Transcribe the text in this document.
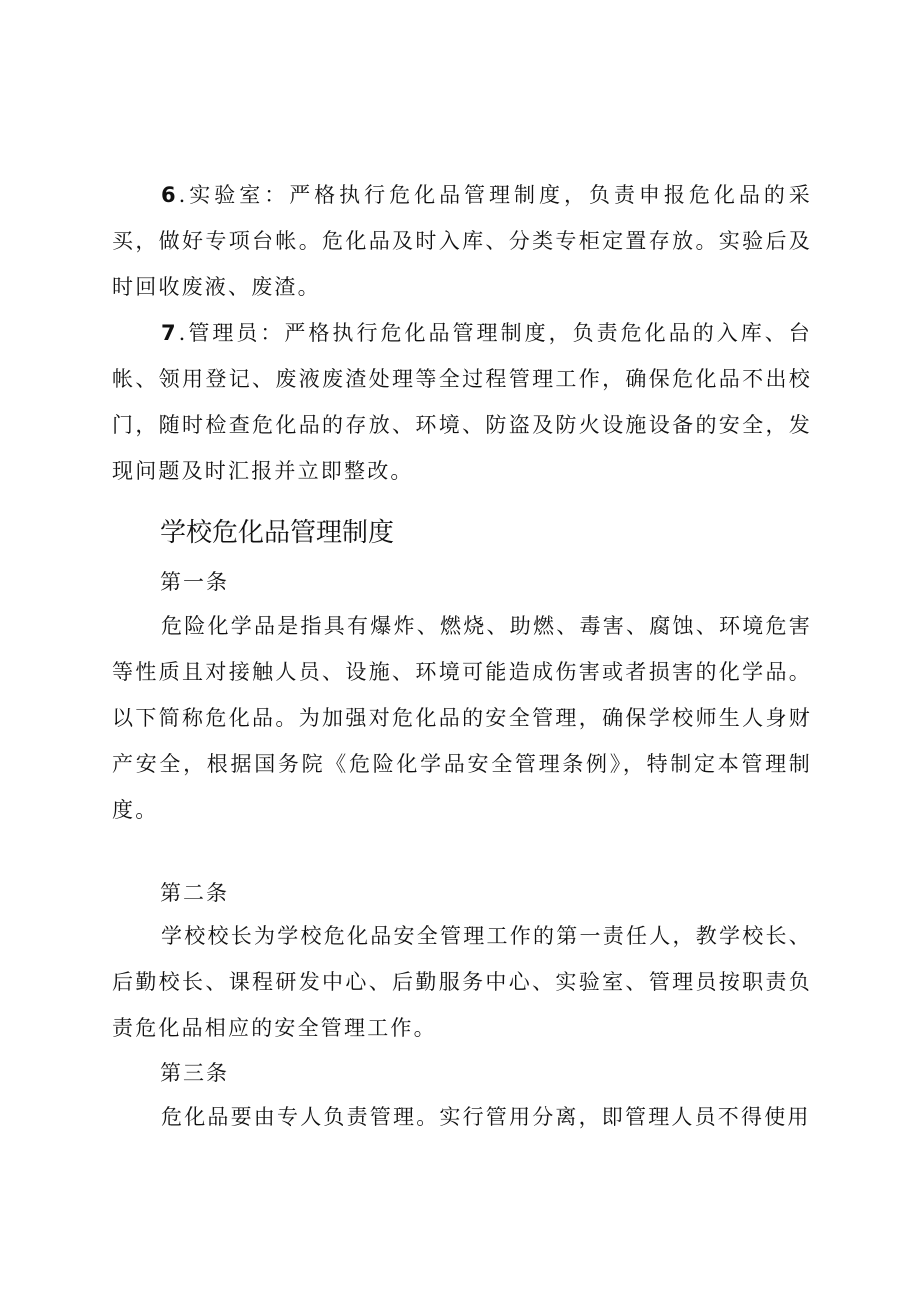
6.实验室：严格执行危化品管理制度，负责申报危化品的采买，做好专项台帐。危化品及时入库、分类专柜定置存放。实验后及时回收废液、废渣。

7.管理员：严格执行危化品管理制度，负责危化品的入库、台帐、领用登记、废液废渣处理等全过程管理工作，确保危化品不出校门，随时检查危化品的存放、环境、防盗及防火设施设备的安全，发现问题及时汇报并立即整改。

学校危化品管理制度

第一条

危险化学品是指具有爆炸、燃烧、助燃、毒害、腐蚀、环境危害等性质且对接触人员、设施、环境可能造成伤害或者损害的化学品。以下简称危化品。为加强对危化品的安全管理，确保学校师生人身财产安全，根据国务院《危险化学品安全管理条例》，特制定本管理制度。

第二条

学校校长为学校危化品安全管理工作的第一责任人，教学校长、后勤校长、课程研发中心、后勤服务中心、实验室、管理员按职责负责危化品相应的安全管理工作。

第三条

危化品要由专人负责管理。实行管用分离，即管理人员不得使用
